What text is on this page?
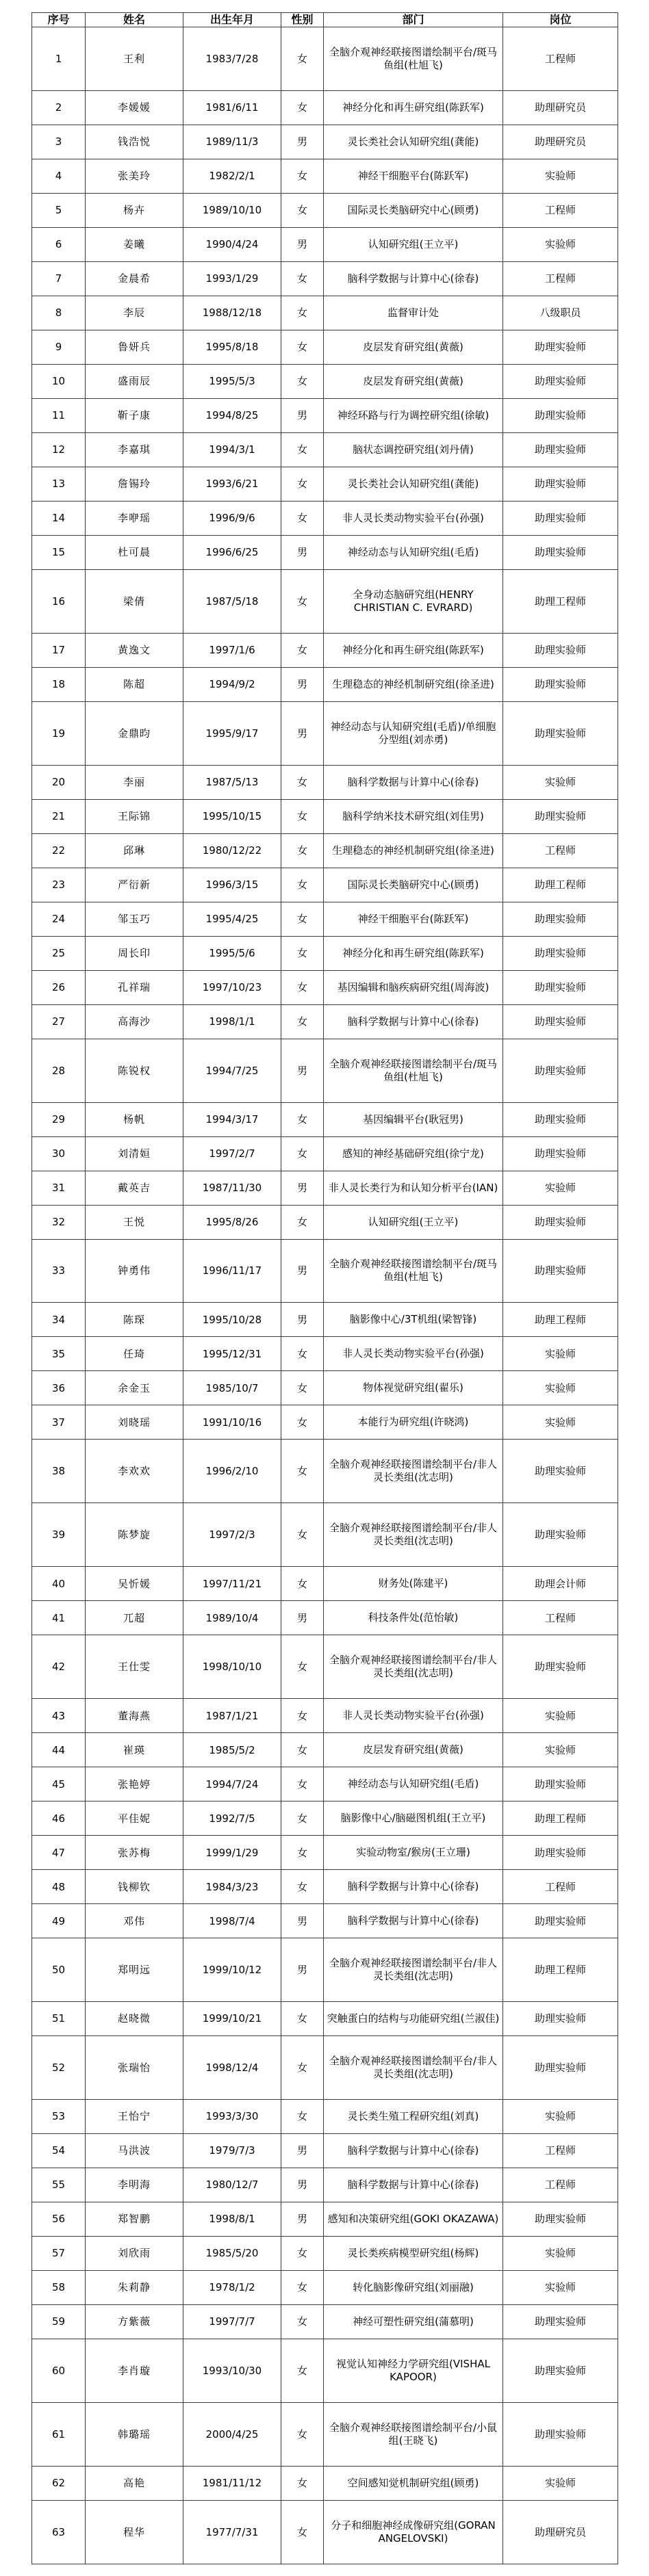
序号	姓名	出生年月	性别	部门	岗位
1	王利	1983/7/28	女	全脑介观神经联接图谱绘制平台/斑马鱼组(杜旭飞)	工程师
2	李媛媛	1981/6/11	女	神经分化和再生研究组(陈跃军)	助理研究员
3	钱浩悦	1989/11/3	男	灵长类社会认知研究组(龚能)	助理研究员
4	张美玲	1982/2/1	女	神经干细胞平台(陈跃军)	实验师
5	杨卉	1989/10/10	女	国际灵长类脑研究中心(顾勇)	工程师
6	姜曦	1990/4/24	男	认知研究组(王立平)	实验师
7	金晨希	1993/1/29	女	脑科学数据与计算中心(徐春)	工程师
8	李辰	1988/12/18	女	监督审计处	八级职员
9	鲁妍兵	1995/8/18	女	皮层发育研究组(黄薇)	助理实验师
10	盛雨辰	1995/5/3	女	皮层发育研究组(黄薇)	助理实验师
11	靳子康	1994/8/25	男	神经环路与行为调控研究组(徐敏)	助理实验师
12	李嘉琪	1994/3/1	女	脑状态调控研究组(刘丹倩)	助理实验师
13	詹锡玲	1993/6/21	女	灵长类社会认知研究组(龚能)	助理实验师
14	李咿瑶	1996/9/6	女	非人灵长类动物实验平台(孙强)	助理实验师
15	杜可晨	1996/6/25	男	神经动态与认知研究组(毛盾)	助理实验师
16	梁倩	1987/5/18	女	全身动态脑研究组(HENRY CHRISTIAN C. EVRARD)	助理工程师
17	黄逸文	1997/1/6	女	神经分化和再生研究组(陈跃军)	助理实验师
18	陈超	1994/9/2	男	生理稳态的神经机制研究组(徐圣进)	助理实验师
19	金鼎昀	1995/9/17	男	神经动态与认知研究组(毛盾)/单细胞分型组(刘赤勇)	助理实验师
20	李丽	1987/5/13	女	脑科学数据与计算中心(徐春)	实验师
21	王际锦	1995/10/15	女	脑科学纳米技术研究组(刘佳男)	助理实验师
22	邱琳	1980/12/22	女	生理稳态的神经机制研究组(徐圣进)	工程师
23	严衍新	1996/3/15	女	国际灵长类脑研究中心(顾勇)	助理工程师
24	邹玉巧	1995/4/25	女	神经干细胞平台(陈跃军)	助理实验师
25	周长印	1995/5/6	女	神经分化和再生研究组(陈跃军)	助理实验师
26	孔祥瑞	1997/10/23	女	基因编辑和脑疾病研究组(周海波)	助理实验师
27	高海沙	1998/1/1	女	脑科学数据与计算中心(徐春)	助理实验师
28	陈锐权	1994/7/25	男	全脑介观神经联接图谱绘制平台/斑马鱼组(杜旭飞)	助理实验师
29	杨帆	1994/3/17	女	基因编辑平台(耿冠男)	助理实验师
30	刘清姮	1997/2/7	女	感知的神经基础研究组(徐宁龙)	助理实验师
31	戴英吉	1987/11/30	男	非人灵长类行为和认知分析平台(IAN)	实验师
32	王悦	1995/8/26	女	认知研究组(王立平)	助理实验师
33	钟勇伟	1996/11/17	男	全脑介观神经联接图谱绘制平台/斑马鱼组(杜旭飞)	助理实验师
34	陈琛	1995/10/28	男	脑影像中心/3T机组(梁智锋)	助理工程师
35	任琦	1995/12/31	女	非人灵长类动物实验平台(孙强)	实验师
36	余金玉	1985/10/7	女	物体视觉研究组(翟乐)	实验师
37	刘晓瑶	1991/10/16	女	本能行为研究组(许晓鸿)	实验师
38	李欢欢	1996/2/10	女	全脑介观神经联接图谱绘制平台/非人灵长类组(沈志明)	助理实验师
39	陈梦旋	1997/2/3	女	全脑介观神经联接图谱绘制平台/非人灵长类组(沈志明)	助理实验师
40	吴忻媛	1997/11/21	女	财务处(陈建平)	助理会计师
41	兀超	1989/10/4	男	科技条件处(范怡敏)	工程师
42	王仕雯	1998/10/10	女	全脑介观神经联接图谱绘制平台/非人灵长类组(沈志明)	助理实验师
43	董海燕	1987/1/21	女	非人灵长类动物实验平台(孙强)	实验师
44	崔瑛	1985/5/2	女	皮层发育研究组(黄薇)	实验师
45	张艳婷	1994/7/24	女	神经动态与认知研究组(毛盾)	助理实验师
46	平佳妮	1992/7/5	女	脑影像中心/脑磁图机组(王立平)	助理工程师
47	张苏梅	1999/1/29	女	实验动物室/猴房(王立珊)	助理实验师
48	钱柳钦	1984/3/23	女	脑科学数据与计算中心(徐春)	工程师
49	邓伟	1998/7/4	男	脑科学数据与计算中心(徐春)	助理实验师
50	郑明远	1999/10/12	男	全脑介观神经联接图谱绘制平台/非人灵长类组(沈志明)	助理工程师
51	赵晓微	1999/10/21	女	突触蛋白的结构与功能研究组(兰淑佳)	助理实验师
52	张瑞怡	1998/12/4	女	全脑介观神经联接图谱绘制平台/非人灵长类组(沈志明)	助理实验师
53	王怡宁	1993/3/30	女	灵长类生殖工程研究组(刘真)	实验师
54	马洪波	1979/7/3	男	脑科学数据与计算中心(徐春)	工程师
55	李明海	1980/12/7	男	脑科学数据与计算中心(徐春)	工程师
56	郑智鹏	1998/8/1	男	感知和决策研究组(GOKI OKAZAWA)	助理实验师
57	刘欣雨	1985/5/20	女	灵长类疾病模型研究组(杨辉)	实验师
58	朱莉静	1978/1/2	女	转化脑影像研究组(刘丽融)	实验师
59	方紫薇	1997/7/7	女	神经可塑性研究组(蒲慕明)	助理实验师
60	李肖璇	1993/10/30	女	视觉认知神经力学研究组(VISHAL KAPOOR)	助理实验师
61	韩璐瑶	2000/4/25	女	全脑介观神经联接图谱绘制平台/小鼠组(王晓飞)	助理实验师
62	高艳	1981/11/12	女	空间感知觉机制研究组(顾勇)	实验师
63	程华	1977/7/31	女	分子和细胞神经成像研究组(GORAN ANGELOVSKI)	助理研究员
